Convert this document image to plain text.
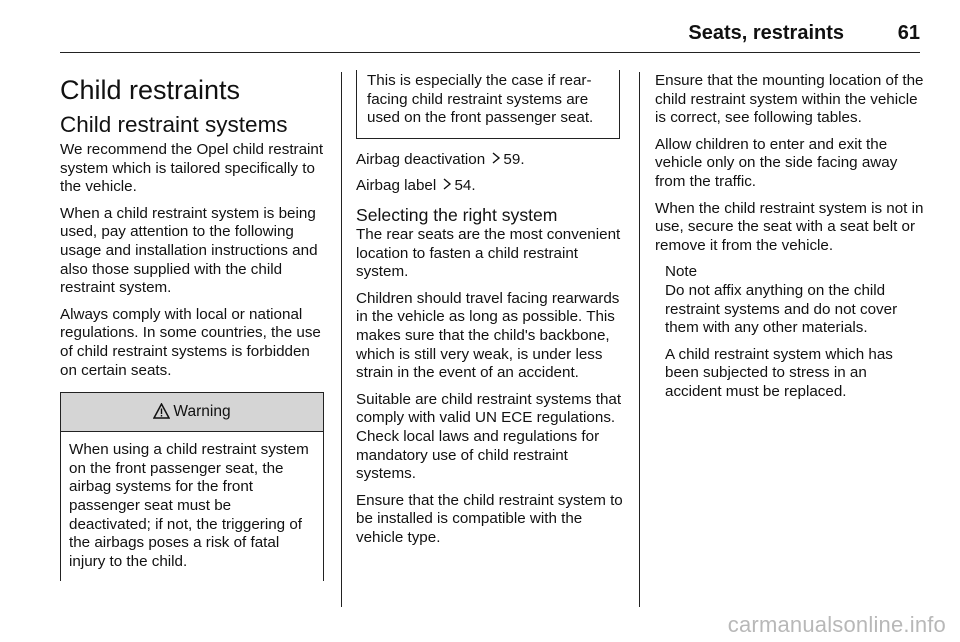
Seats, restraints	61
Child restraints
Child restraint systems

We recommend the Opel child restraint system which is tailored specifically to the vehicle.

When a child restraint system is being used, pay attention to the following usage and installation instructions and also those supplied with the child restraint system.

Always comply with local or national regulations. In some countries, the use of child restraint systems is forbidden on certain seats.

Warning
When using a child restraint system on the front passenger seat, the airbag systems for the front passenger seat must be deactivated; if not, the triggering of the airbags poses a risk of fatal injury to the child.

This is especially the case if rear-facing child restraint systems are used on the front passenger seat.

Airbag deactivation 59.

Airbag label 54.

Selecting the right system

The rear seats are the most convenient location to fasten a child restraint system.

Children should travel facing rearwards in the vehicle as long as possible. This makes sure that the child's backbone, which is still very weak, is under less strain in the event of an accident.

Suitable are child restraint systems that comply with valid UN ECE regulations. Check local laws and regulations for mandatory use of child restraint systems.

Ensure that the child restraint system to be installed is compatible with the vehicle type.

Ensure that the mounting location of the child restraint system within the vehicle is correct, see following tables.

Allow children to enter and exit the vehicle only on the side facing away from the traffic.

When the child restraint system is not in use, secure the seat with a seat belt or remove it from the vehicle.

Note

Do not affix anything on the child restraint systems and do not cover them with any other materials.

A child restraint system which has been subjected to stress in an accident must be replaced.

carmanualsonline.info
